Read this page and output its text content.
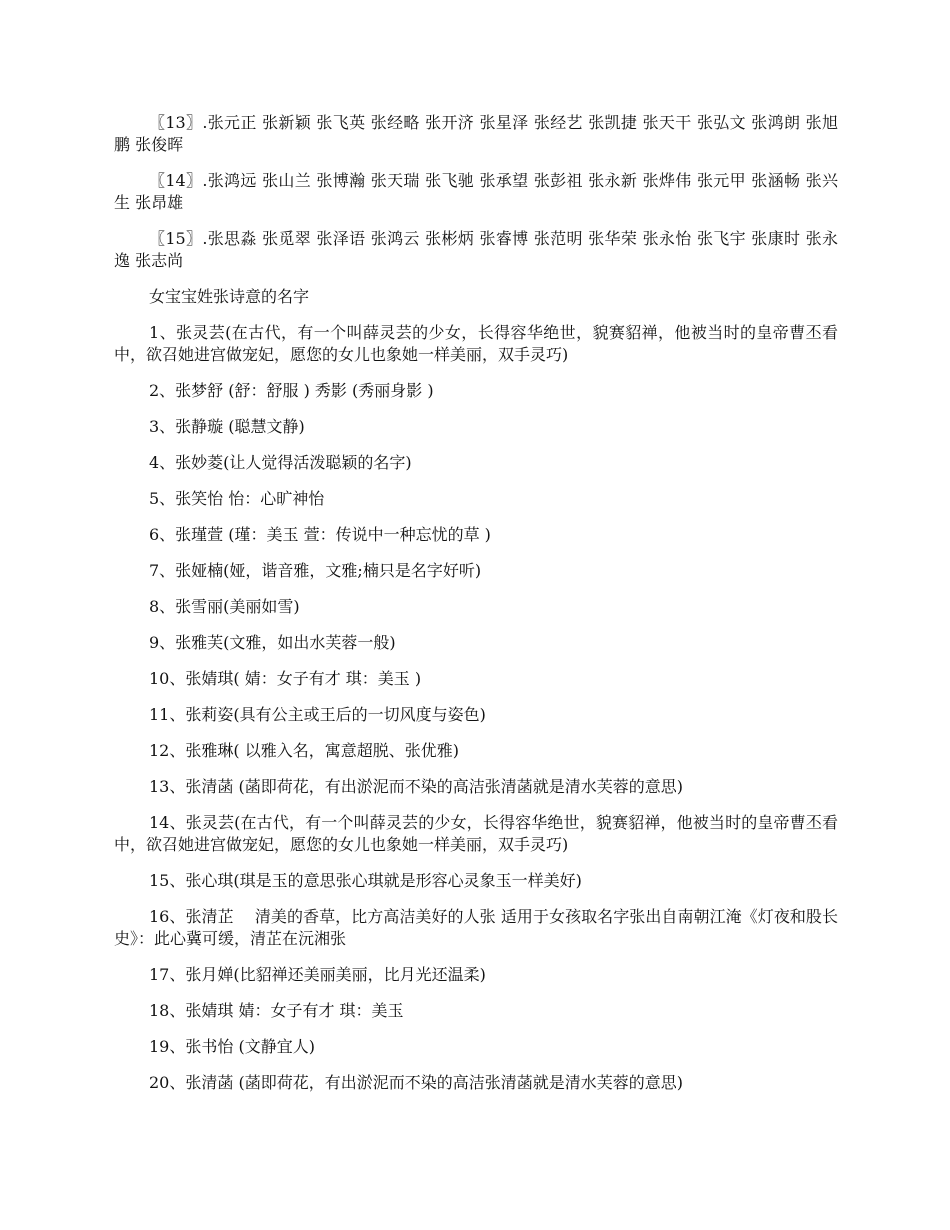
〖13〗.张元正 张新颖 张飞英 张经略 张开济 张星泽 张经艺 张凯捷 张天干 张弘文 张鸿朗 张旭鹏 张俊晖

〖14〗.张鸿远 张山兰 张博瀚 张天瑞 张飞驰 张承望 张彭祖 张永新 张烨伟 张元甲 张涵畅 张兴生 张昂雄

〖15〗.张思淼 张觅翠 张泽语 张鸿云 张彬炳 张睿博 张范明 张华荣 张永怡 张飞宇 张康时 张永逸 张志尚

女宝宝姓张诗意的名字

1、张灵芸(在古代，有一个叫薛灵芸的少女，长得容华绝世，貌赛貂禅，他被当时的皇帝曹丕看中，欲召她进宫做宠妃，愿您的女儿也象她一样美丽，双手灵巧)

2、张梦舒 (舒：舒服 ) 秀影 (秀丽身影 )

3、张静璇 (聪慧文静)

4、张妙菱(让人觉得活泼聪颖的名字)

5、张笑怡 怡：心旷神怡

6、张瑾萱 (瑾：美玉 萱：传说中一种忘忧的草 )

7、张娅楠(娅，谐音雅，文雅;楠只是名字好听)

8、张雪丽(美丽如雪)

9、张雅芙(文雅，如出水芙蓉一般)

10、张婧琪( 婧：女子有才 琪：美玉 )

11、张莉姿(具有公主或王后的一切风度与姿色)

12、张雅琳( 以雅入名，寓意超脱、张优雅)

13、张清菡 (菡即荷花，有出淤泥而不染的高洁张清菡就是清水芙蓉的意思)

14、张灵芸(在古代，有一个叫薛灵芸的少女，长得容华绝世，貌赛貂禅，他被当时的皇帝曹丕看中，欲召她进宫做宠妃，愿您的女儿也象她一样美丽，双手灵巧)

15、张心琪(琪是玉的意思张心琪就是形容心灵象玉一样美好)

16、张清芷　 清美的香草，比方高洁美好的人张 适用于女孩取名字张出自南朝江淹《灯夜和股长史》：此心冀可缓，清芷在沅湘张

17、张月婵(比貂禅还美丽美丽，比月光还温柔)

18、张婧琪 婧：女子有才 琪：美玉

19、张书怡 (文静宜人)

20、张清菡 (菡即荷花，有出淤泥而不染的高洁张清菡就是清水芙蓉的意思)
